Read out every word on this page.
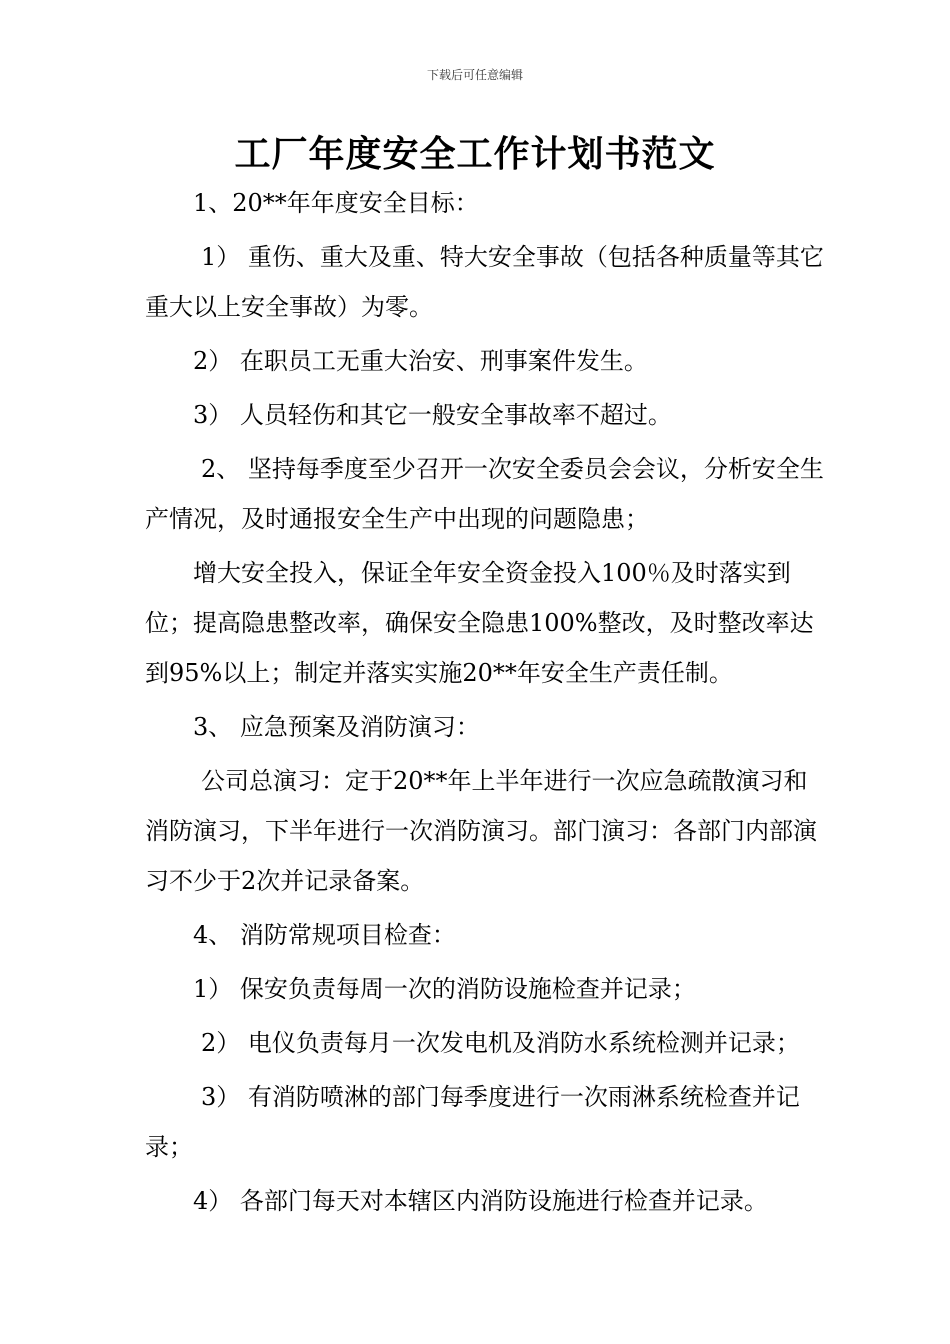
下载后可任意编辑
工厂年度安全工作计划书范文

1、20**年年度安全目标：

1） 重伤、重大及重、特大安全事故（包括各种质量等其它重大以上安全事故）为零。

2） 在职员工无重大治安、刑事案件发生。

3） 人员轻伤和其它一般安全事故率不超过。

2、 坚持每季度至少召开一次安全委员会会议，分析安全生产情况，及时通报安全生产中出现的问题隐患；

增大安全投入，保证全年安全资金投入100％及时落实到位；提高隐患整改率，确保安全隐患100%整改，及时整改率达到95%以上；制定并落实实施20**年安全生产责任制。

3、 应急预案及消防演习：

公司总演习：定于20**年上半年进行一次应急疏散演习和消防演习，下半年进行一次消防演习。部门演习：各部门内部演习不少于2次并记录备案。

4、 消防常规项目检查：

1） 保安负责每周一次的消防设施检查并记录；

2） 电仪负责每月一次发电机及消防水系统检测并记录；

3） 有消防喷淋的部门每季度进行一次雨淋系统检查并记录；

4） 各部门每天对本辖区内消防设施进行检查并记录。
